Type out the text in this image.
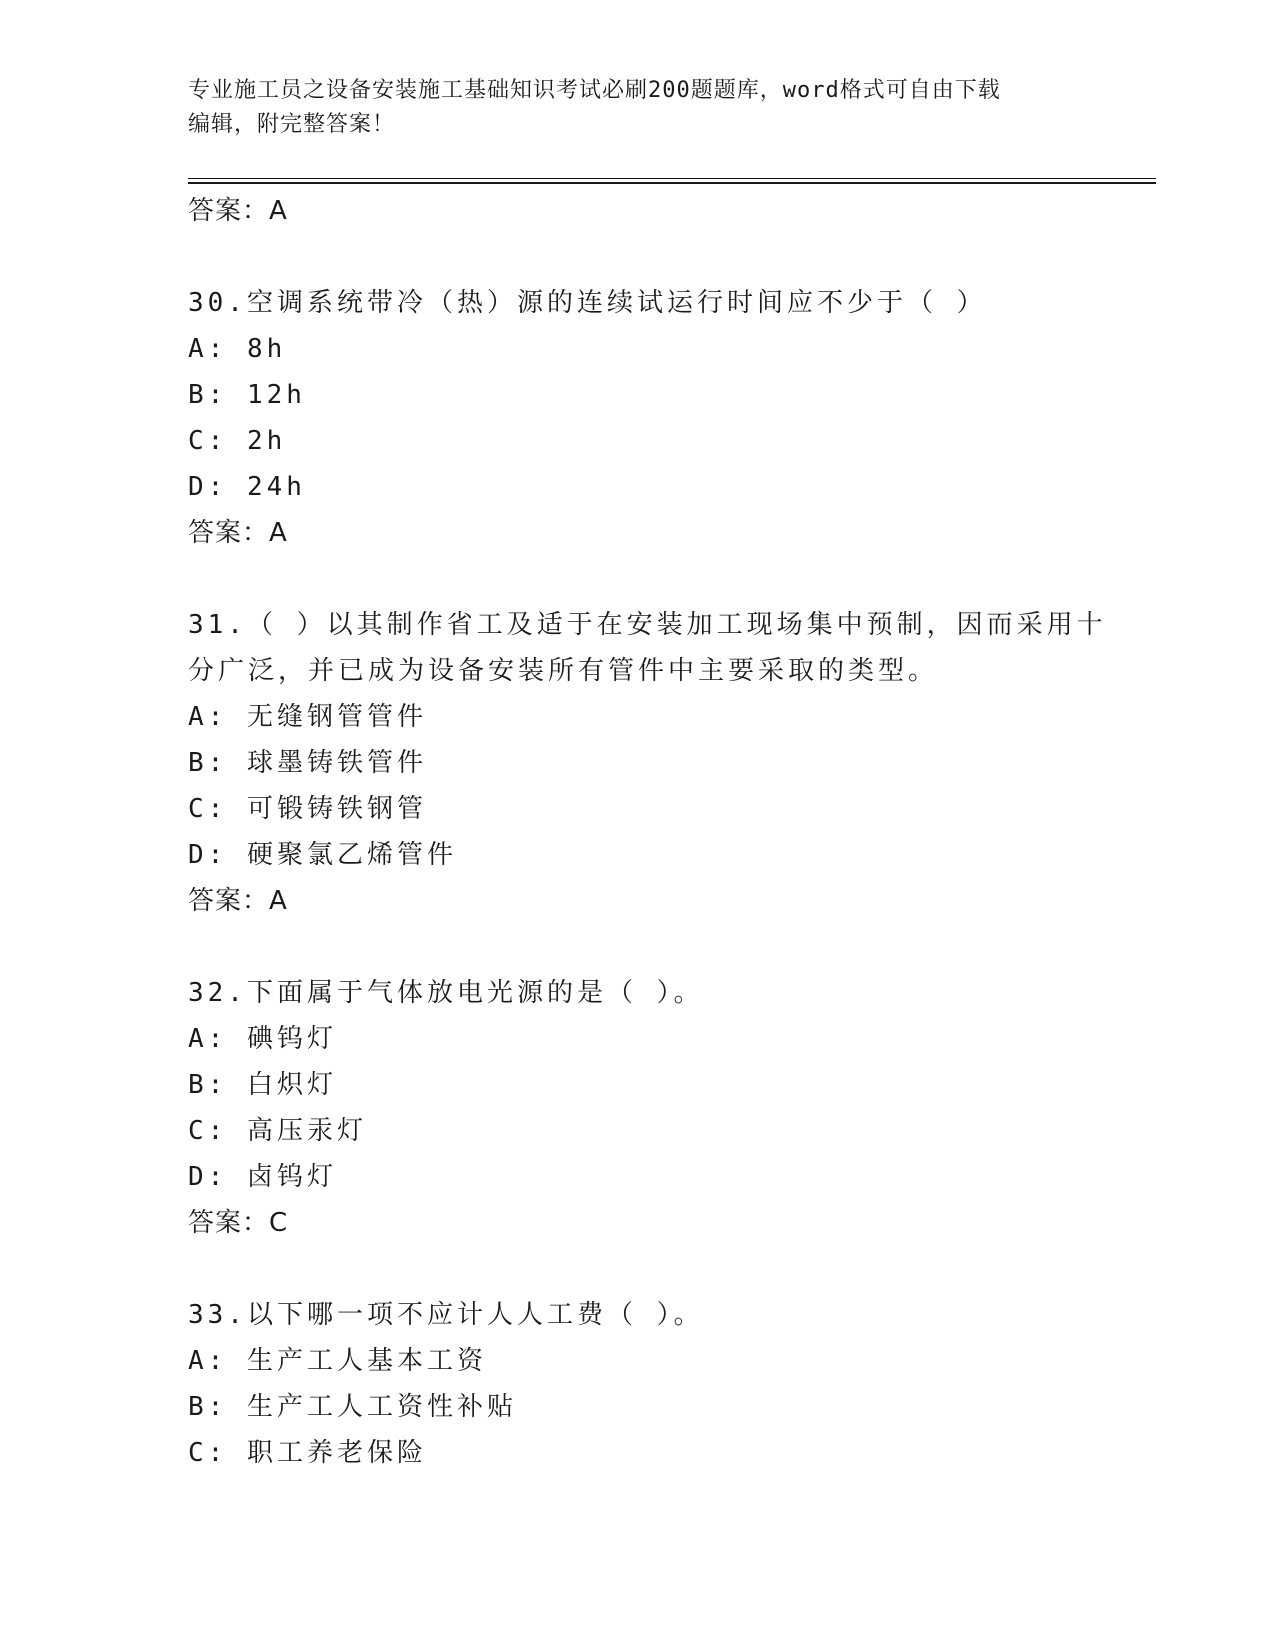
专业施工员之设备安装施工基础知识考试必刷200题题库，word格式可自由下载
编辑，附完整答案！
答案：A
30.空调系统带冷（热）源的连续试运行时间应不少于（ ）
A: 8h
B: 12h
C: 2h
D: 24h
答案：A
31.（ ）以其制作省工及适于在安装加工现场集中预制，因而采用十
分广泛，并已成为设备安装所有管件中主要采取的类型。
A: 无缝钢管管件
B: 球墨铸铁管件
C: 可锻铸铁钢管
D: 硬聚氯乙烯管件
答案：A
32.下面属于气体放电光源的是（ ）。
A: 碘钨灯
B: 白炽灯
C: 高压汞灯
D: 卤钨灯
答案：C
33.以下哪一项不应计人人工费（ ）。
A: 生产工人基本工资
B: 生产工人工资性补贴
C: 职工养老保险
